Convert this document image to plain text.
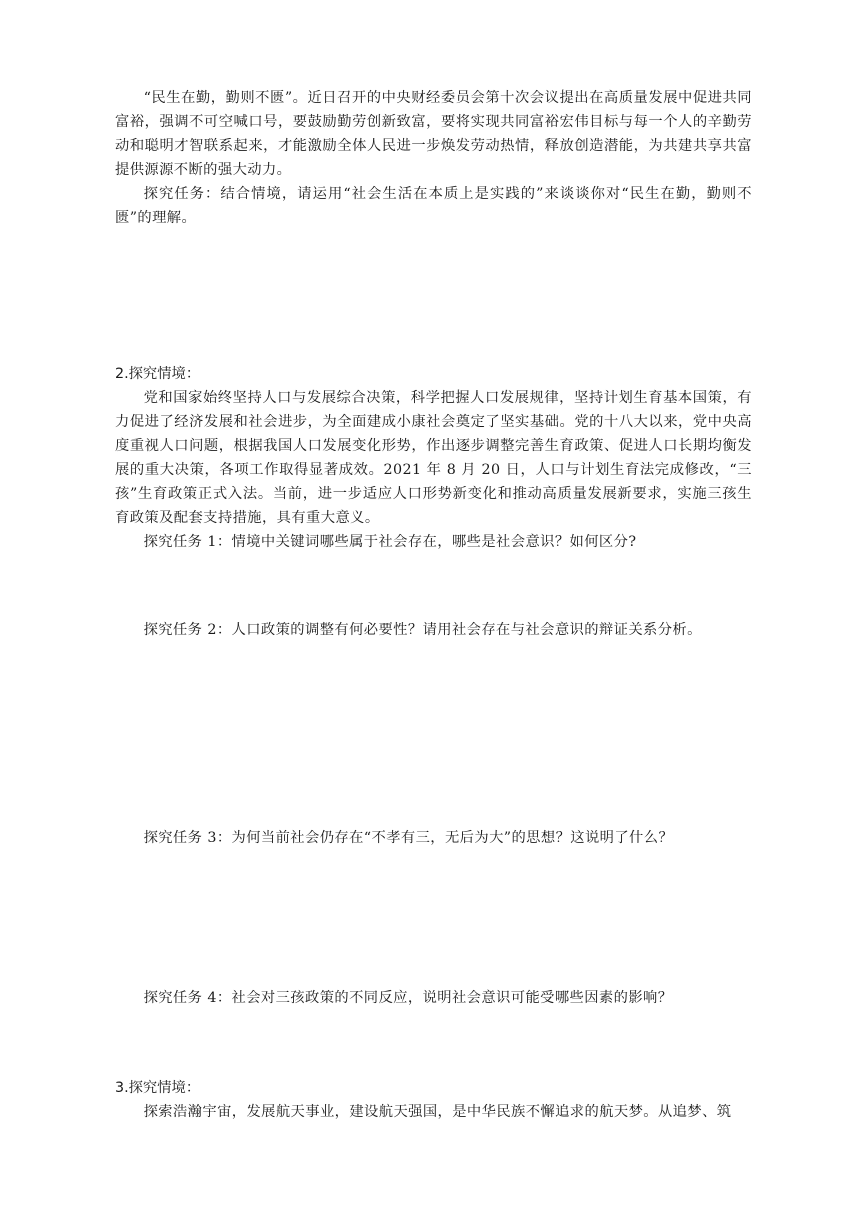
“民生在勤，勤则不匮”。近日召开的中央财经委员会第十次会议提出在高质量发展中促进共同富裕，强调不可空喊口号，要鼓励勤劳创新致富，要将实现共同富裕宏伟目标与每一个人的辛勤劳动和聪明才智联系起来，才能激励全体人民进一步焕发劳动热情，释放创造潜能，为共建共享共富提供源源不断的强大动力。

探究任务：结合情境，请运用“社会生活在本质上是实践的”来谈谈你对“民生在勤，勤则不匮”的理解。

2.探究情境：

党和国家始终坚持人口与发展综合决策，科学把握人口发展规律，坚持计划生育基本国策，有力促进了经济发展和社会进步，为全面建成小康社会奠定了坚实基础。党的十八大以来，党中央高度重视人口问题，根据我国人口发展变化形势，作出逐步调整完善生育政策、促进人口长期均衡发展的重大决策，各项工作取得显著成效。2021 年 8 月 20 日，人口与计划生育法完成修改，“三孩”生育政策正式入法。当前，进一步适应人口形势新变化和推动高质量发展新要求，实施三孩生育政策及配套支持措施，具有重大意义。

探究任务 1：情境中关键词哪些属于社会存在，哪些是社会意识？如何区分?

探究任务 2：人口政策的调整有何必要性？请用社会存在与社会意识的辩证关系分析。

探究任务 3：为何当前社会仍存在“不孝有三，无后为大”的思想？这说明了什么？

探究任务 4：社会对三孩政策的不同反应，说明社会意识可能受哪些因素的影响？

3.探究情境：

探索浩瀚宇宙，发展航天事业，建设航天强国，是中华民族不懈追求的航天梦。从追梦、筑
